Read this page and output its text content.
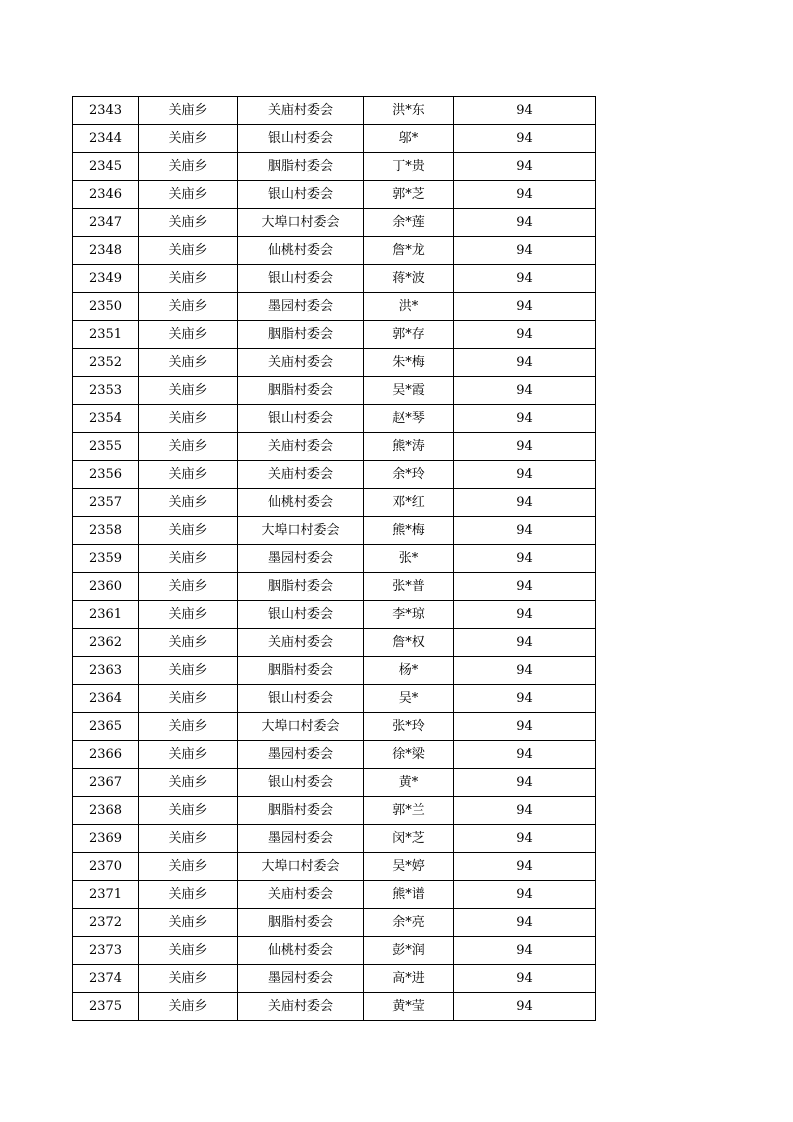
2343	关庙乡	关庙村委会	洪*东	94
2344	关庙乡	银山村委会	邬*	94
2345	关庙乡	胭脂村委会	丁*贵	94
2346	关庙乡	银山村委会	郭*芝	94
2347	关庙乡	大埠口村委会	余*莲	94
2348	关庙乡	仙桃村委会	詹*龙	94
2349	关庙乡	银山村委会	蒋*波	94
2350	关庙乡	墨园村委会	洪*	94
2351	关庙乡	胭脂村委会	郭*存	94
2352	关庙乡	关庙村委会	朱*梅	94
2353	关庙乡	胭脂村委会	吴*霞	94
2354	关庙乡	银山村委会	赵*琴	94
2355	关庙乡	关庙村委会	熊*涛	94
2356	关庙乡	关庙村委会	余*玲	94
2357	关庙乡	仙桃村委会	邓*红	94
2358	关庙乡	大埠口村委会	熊*梅	94
2359	关庙乡	墨园村委会	张*	94
2360	关庙乡	胭脂村委会	张*普	94
2361	关庙乡	银山村委会	李*琼	94
2362	关庙乡	关庙村委会	詹*权	94
2363	关庙乡	胭脂村委会	杨*	94
2364	关庙乡	银山村委会	吴*	94
2365	关庙乡	大埠口村委会	张*玲	94
2366	关庙乡	墨园村委会	徐*梁	94
2367	关庙乡	银山村委会	黄*	94
2368	关庙乡	胭脂村委会	郭*兰	94
2369	关庙乡	墨园村委会	闵*芝	94
2370	关庙乡	大埠口村委会	吴*婷	94
2371	关庙乡	关庙村委会	熊*谱	94
2372	关庙乡	胭脂村委会	余*亮	94
2373	关庙乡	仙桃村委会	彭*润	94
2374	关庙乡	墨园村委会	高*进	94
2375	关庙乡	关庙村委会	黄*莹	94
